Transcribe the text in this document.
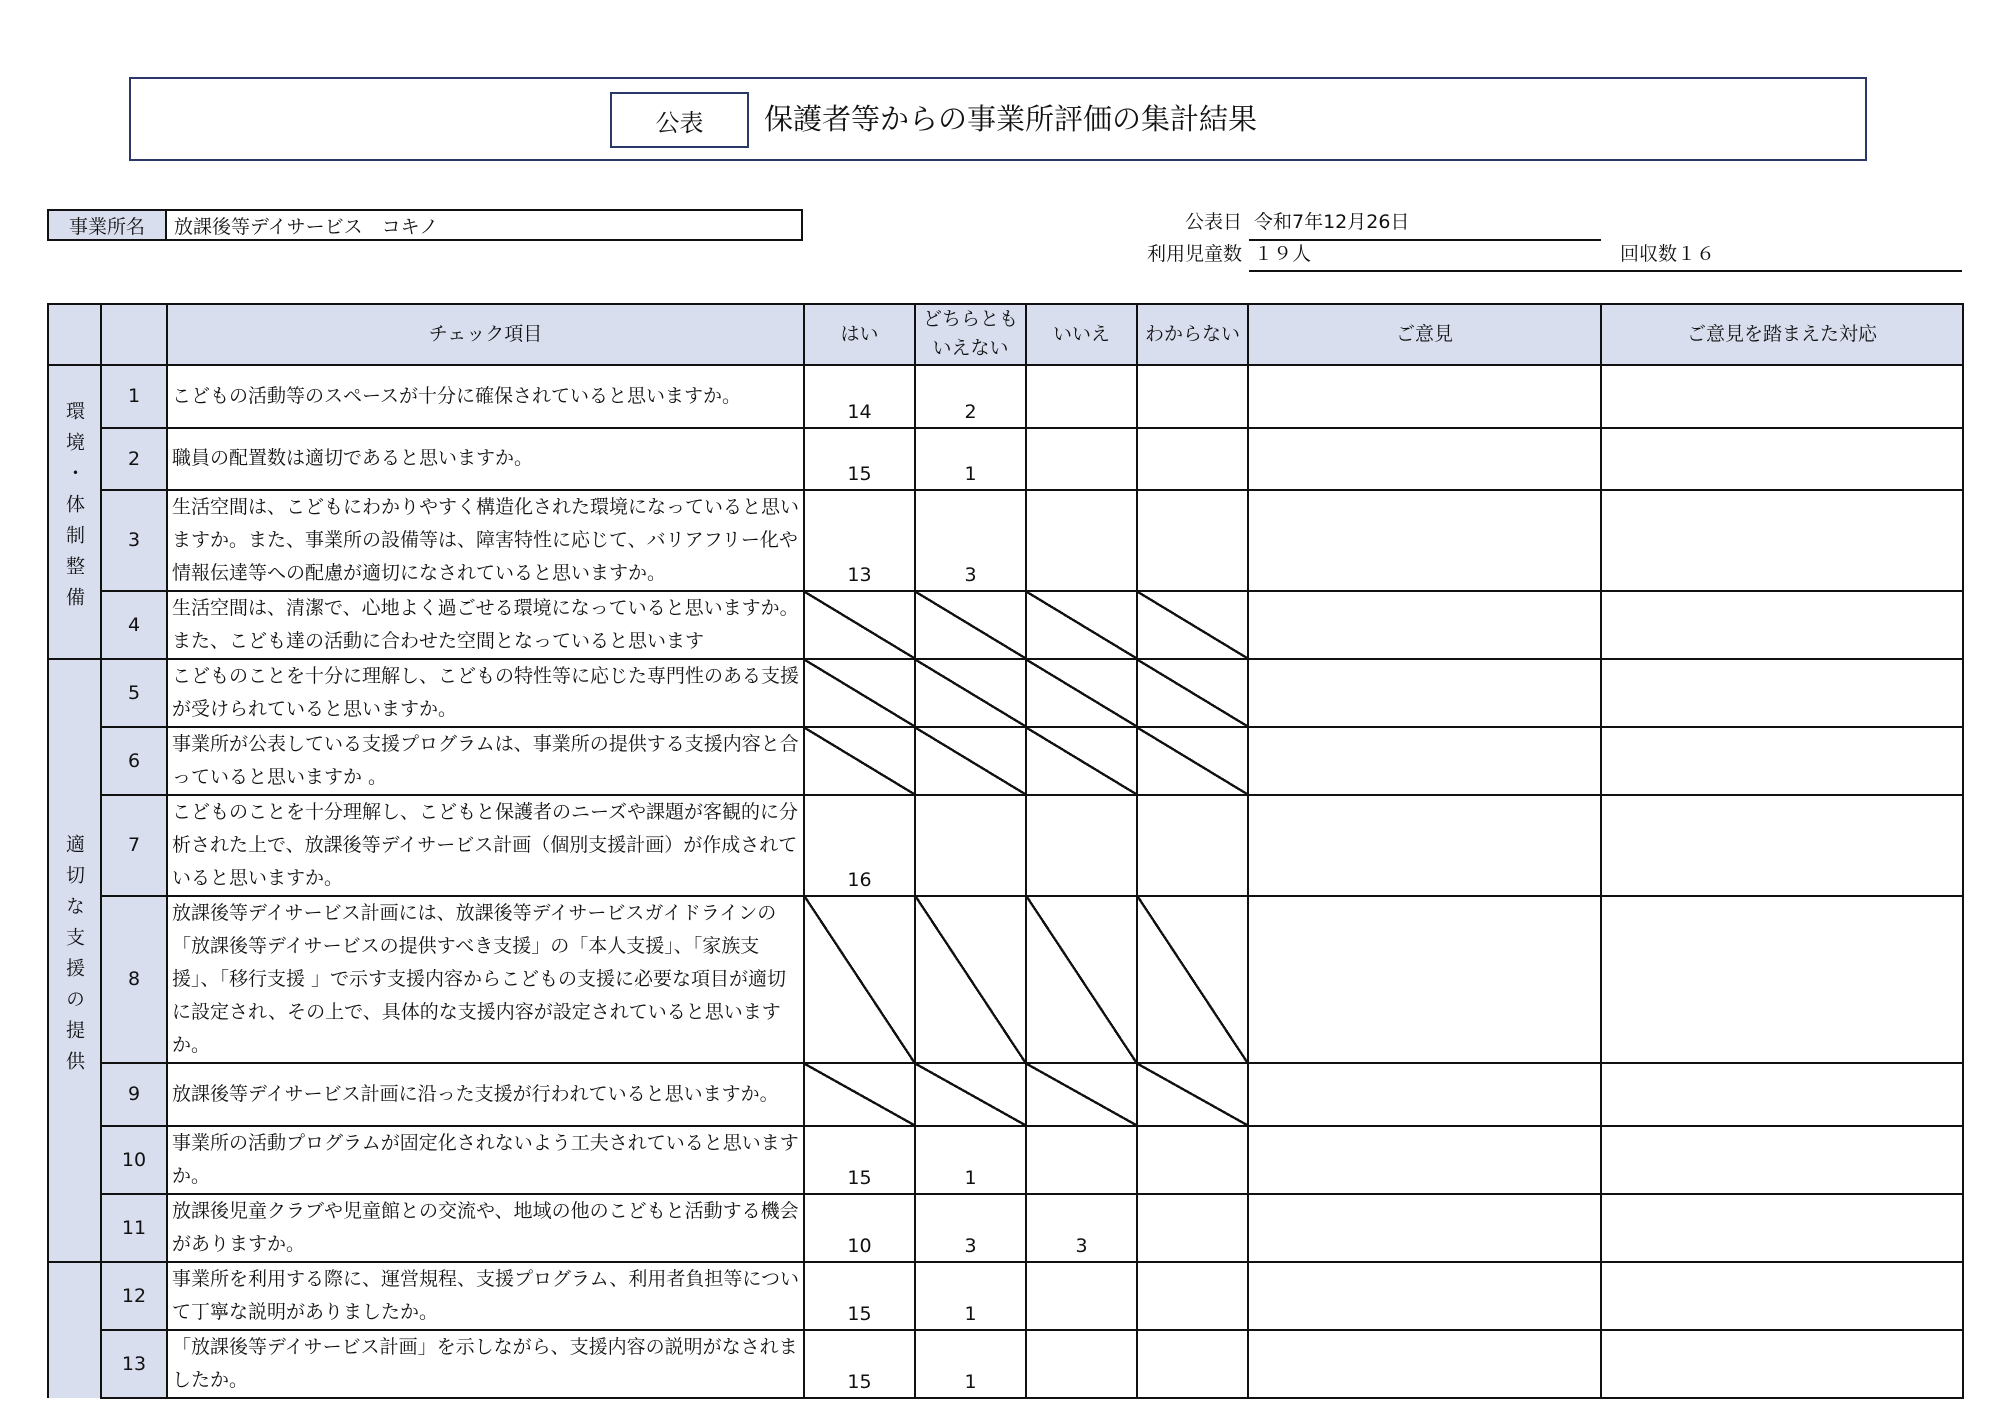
公表	保護者等からの事業所評価の集計結果
事業所名	放課後等デイサービス　コキノ	公表日 令和7年12月26日
利用児童数 １９人	回収数１６
		チェック項目	はい	どちらとも
いえない	いいえ	わからない	ご意見	ご意見を踏まえた対応
環境・体制整備	1	こどもの活動等のスペースが十分に確保されていると思いますか。	14	2				
	2	職員の配置数は適切であると思いますか。	15	1				
	3	生活空間は、こどもにわかりやすく構造化された環境になっていると思いますか。また、事業所の設備等は、障害特性に応じて、バリアフリー化や情報伝達等への配慮が適切になされていると思いますか。	13	3				
	4	生活空間は、清潔で、心地よく過ごせる環境になっていると思いますか。また、こども達の活動に合わせた空間となっていると思います						
適切な支援の提供	5	こどものことを十分に理解し、こどもの特性等に応じた専門性のある支援が受けられていると思いますか。						
	6	事業所が公表している支援プログラムは、事業所の提供する支援内容と合っていると思いますか 。						
	7	こどものことを十分理解し、こどもと保護者のニーズや課題が客観的に分析された上で、放課後等デイサービス計画（個別支援計画）が作成されていると思いますか。	16					
	8	放課後等デイサービス計画には、放課後等デイサービスガイドラインの「放課後等デイサービスの提供すべき支援」の「本人支援」、「家族支援」、「移行支援 」で示す支援内容からこどもの支援に必要な項目が適切に設定され、その上で、具体的な支援内容が設定されていると思いますか。						
	9	放課後等デイサービス計画に沿った支援が行われていると思いますか。						
	10	事業所の活動プログラムが固定化されないよう工夫されていると思いますか。	15	1				
	11	放課後児童クラブや児童館との交流や、地域の他のこどもと活動する機会がありますか。	10	3	3			
	12	事業所を利用する際に、運営規程、支援プログラム、利用者負担等について丁寧な説明がありましたか。	15	1				
	13	「放課後等デイサービス計画」を示しながら、支援内容の説明がなされましたか。	15	1				
